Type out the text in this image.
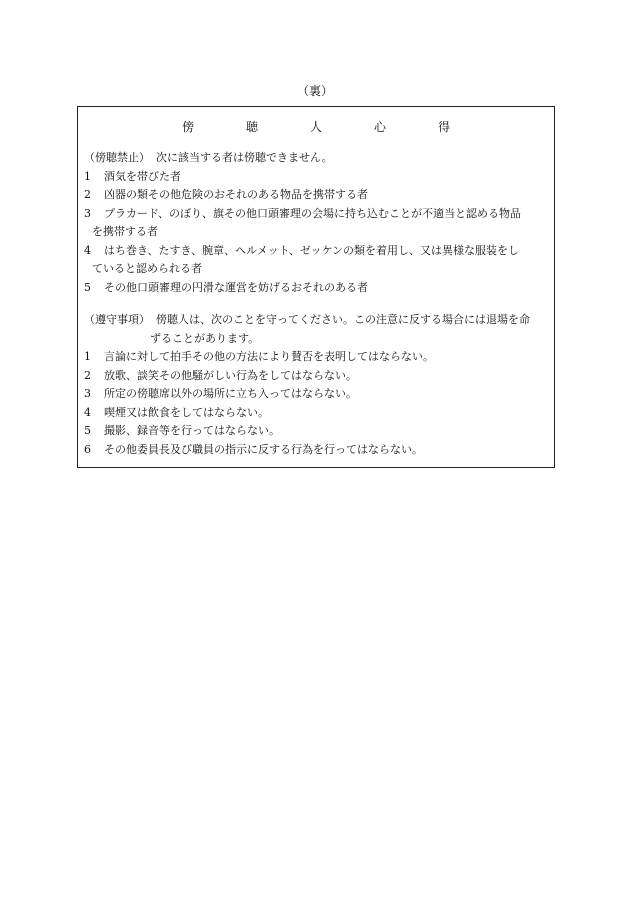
（裏）
傍　聴　人　心　得
（傍聴禁止） 次に該当する者は傍聴できません。
1	酒気を帯びた者
2	凶器の類その他危険のおそれのある物品を携帯する者
3	プラカード、のぼり、旗その他口頭審理の会場に持ち込むことが不適当と認める物品
を携帯する者
4	はち巻き、たすき、腕章、ヘルメット、ゼッケンの類を着用し、又は異様な服装をし
ていると認められる者
5	その他口頭審理の円滑な運営を妨げるおそれのある者
（遵守事項） 傍聴人は、次のことを守ってください。この注意に反する場合には退場を命
ずることがあります。
1	言論に対して拍手その他の方法により賛否を表明してはならない。
2	放歌、談笑その他騒がしい行為をしてはならない。
3	所定の傍聴席以外の場所に立ち入ってはならない。
4	喫煙又は飲食をしてはならない。
5	撮影、録音等を行ってはならない。
6	その他委員長及び職員の指示に反する行為を行ってはならない。
